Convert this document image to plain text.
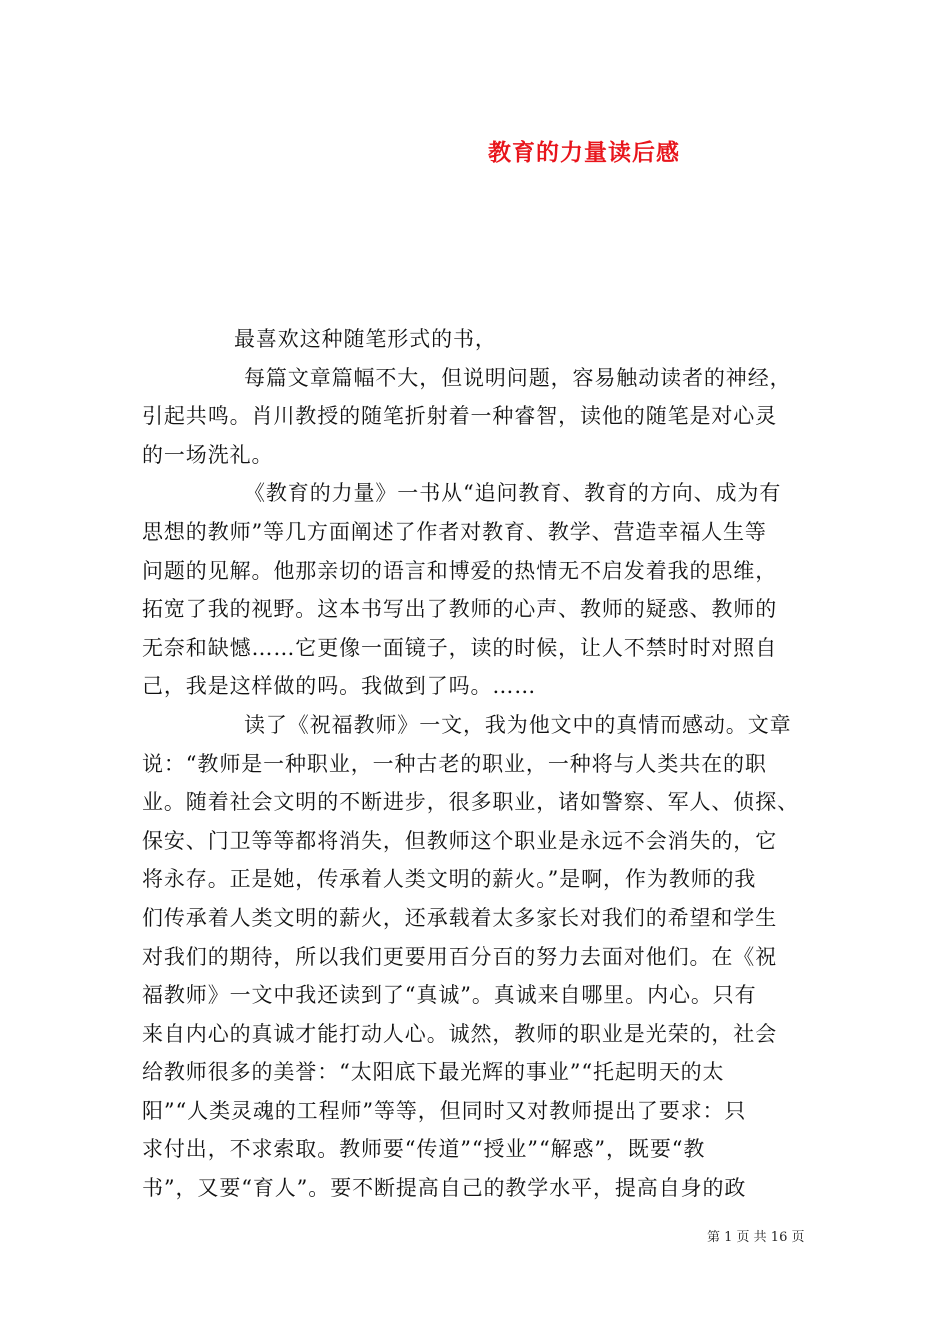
教育的力量读后感
最喜欢这种随笔形式的书，
每篇文章篇幅不大，但说明问题，容易触动读者的神经，
引起共鸣。肖川教授的随笔折射着一种睿智，读他的随笔是对心灵
的一场洗礼。
《教育的力量》一书从“追问教育、教育的方向、成为有
思想的教师”等几方面阐述了作者对教育、教学、营造幸福人生等
问题的见解。他那亲切的语言和博爱的热情无不启发着我的思维，
拓宽了我的视野。这本书写出了教师的心声、教师的疑惑、教师的
无奈和缺憾……它更像一面镜子，读的时候，让人不禁时时对照自
己，我是这样做的吗。我做到了吗。……
读了《祝福教师》一文，我为他文中的真情而感动。文章
说：“教师是一种职业，一种古老的职业，一种将与人类共在的职
业。随着社会文明的不断进步，很多职业，诸如警察、军人、侦探、
保安、门卫等等都将消失，但教师这个职业是永远不会消失的，它
将永存。正是她，传承着人类文明的薪火。”是啊，作为教师的我
们传承着人类文明的薪火，还承载着太多家长对我们的希望和学生
对我们的期待，所以我们更要用百分百的努力去面对他们。在《祝
福教师》一文中我还读到了“真诚”。真诚来自哪里。内心。只有
来自内心的真诚才能打动人心。诚然，教师的职业是光荣的，社会
给教师很多的美誉：“太阳底下最光辉的事业”“托起明天的太
阳”“人类灵魂的工程师”等等，但同时又对教师提出了要求：只
求付出，不求索取。教师要“传道”“授业”“解惑”，既要“教
书”，又要“育人”。要不断提高自己的教学水平，提高自身的政
第 1 页 共 16 页
